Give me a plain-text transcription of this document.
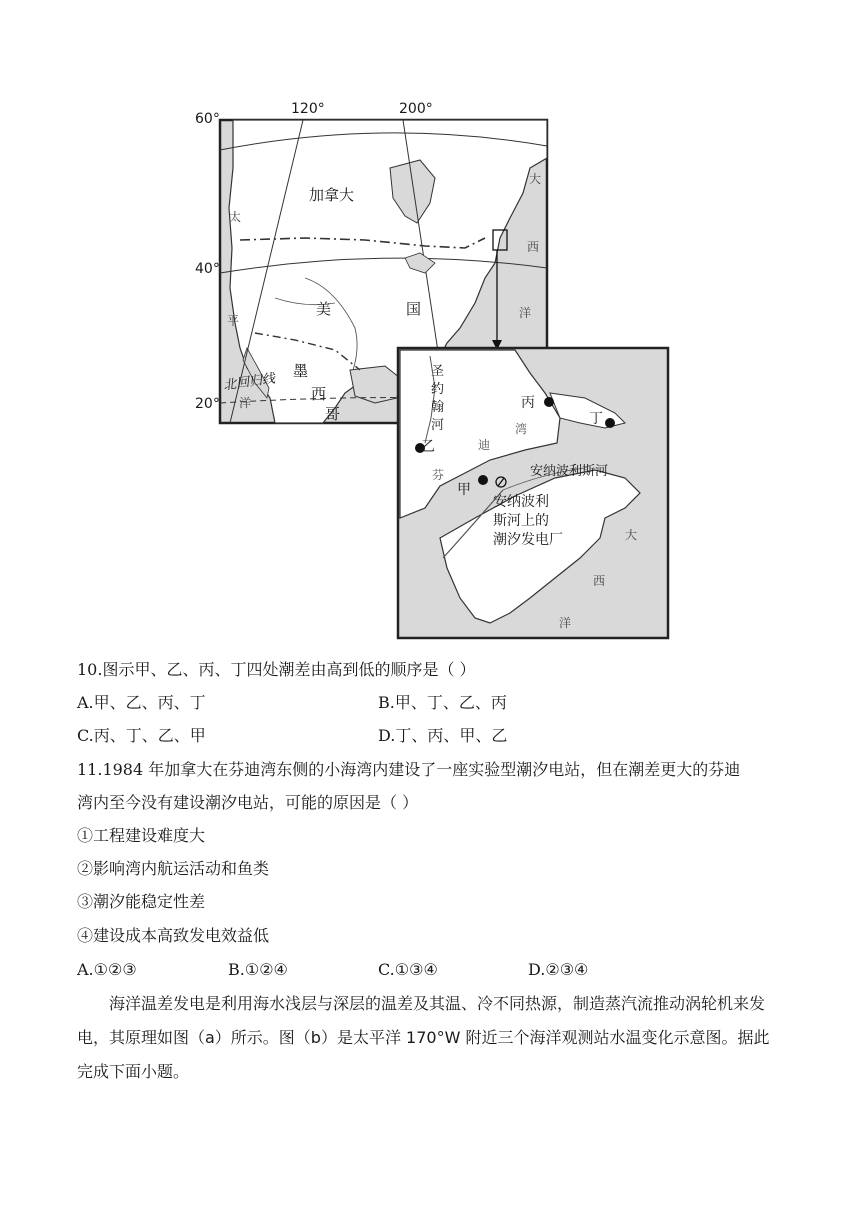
60°
40°
20°
120°	200°
加拿大
美	国
墨
西
哥
北回归线
太
平
洋
大
西
洋
圣
约
翰
河
丙
丁
乙
甲
芬
迪
湾
安纳波利斯河
安纳波利
斯河上的
潮汐发电厂	大
西
洋
10.图示甲、乙、丙、丁四处潮差由高到低的顺序是（ ）
A.甲、乙、丙、丁	B.甲、丁、乙、丙
C.丙、丁、乙、甲	D.丁、丙、甲、乙
11.1984 年加拿大在芬迪湾东侧的小海湾内建设了一座实验型潮汐电站，但在潮差更大的芬迪
湾内至今没有建设潮汐电站，可能的原因是（ ）
①工程建设难度大
②影响湾内航运活动和鱼类
③潮汐能稳定性差
④建设成本高致发电效益低
A.①②③	B.①②④	C.①③④	D.②③④
海洋温差发电是利用海水浅层与深层的温差及其温、冷不同热源，制造蒸汽流推动涡轮机来发电，其原理如图（a）所示。图（b）是太平洋 170°W 附近三个海洋观测站水温变化示意图。据此完成下面小题。
